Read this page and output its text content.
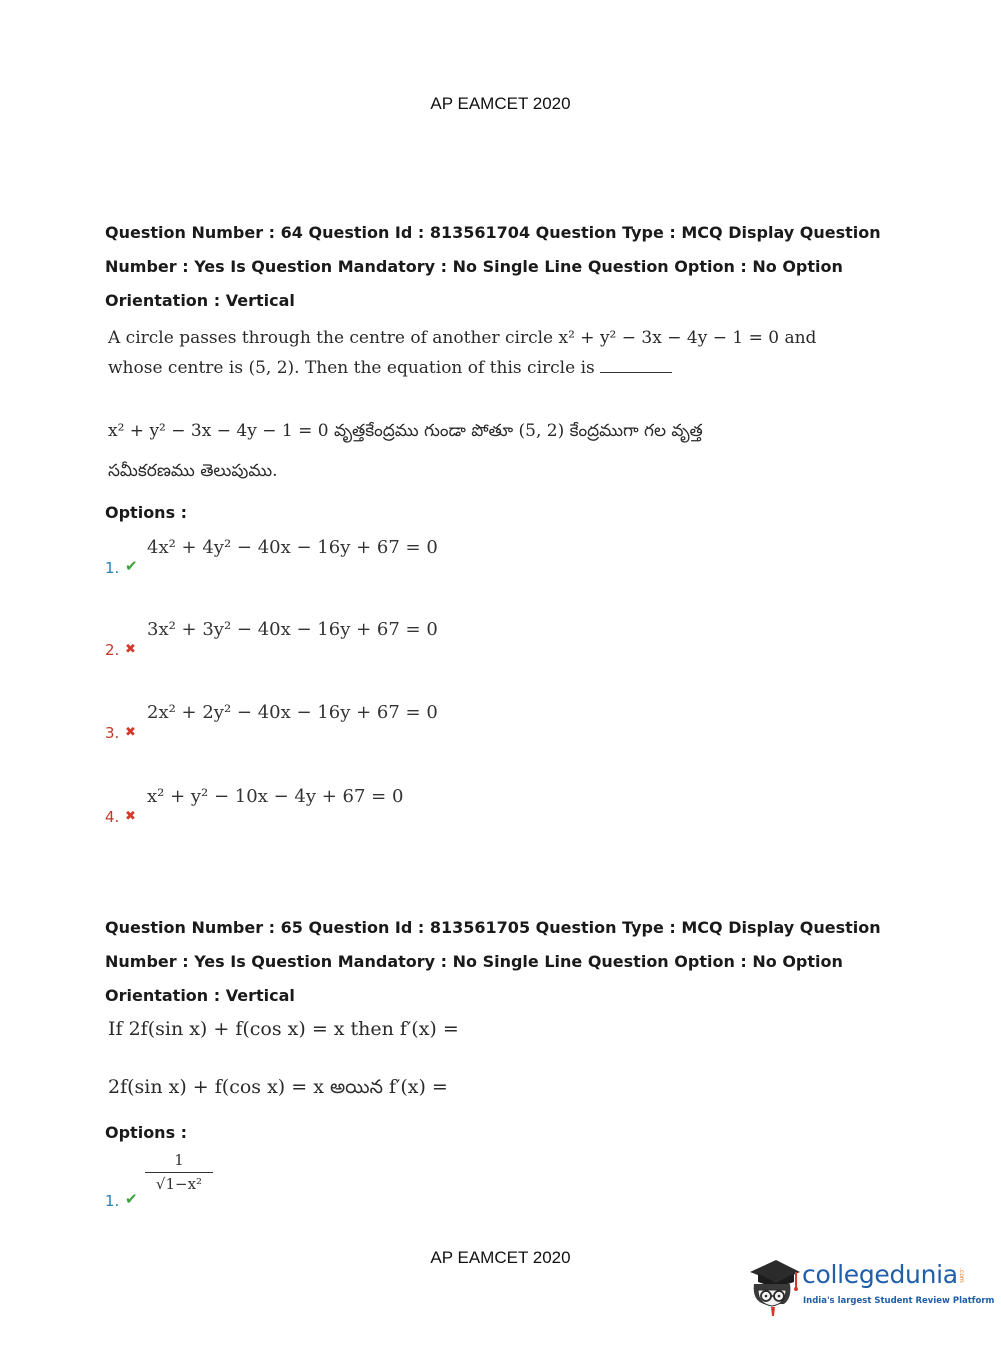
AP EAMCET 2020
Question Number : 64 Question Id : 813561704 Question Type : MCQ Display Question
Number : Yes Is Question Mandatory : No Single Line Question Option : No Option
Orientation : Vertical
A circle passes through the centre of another circle x² + y² − 3x − 4y − 1 = 0 and
whose centre is (5, 2). Then the equation of this circle is
x² + y² − 3x − 4y − 1 = 0 వృత్తకేంద్రము గుండా పోతూ (5, 2) కేంద్రముగా గల వృత్త
సమీకరణము తెలుపుము.
Options :
1. ✔
4x² + 4y² − 40x − 16y + 67 = 0
2. ✖
3x² + 3y² − 40x − 16y + 67 = 0
3. ✖
2x² + 2y² − 40x − 16y + 67 = 0
4. ✖
x² + y² − 10x − 4y + 67 = 0
Question Number : 65 Question Id : 813561705 Question Type : MCQ Display Question
Number : Yes Is Question Mandatory : No Single Line Question Option : No Option
Orientation : Vertical
If 2f(sin x) + f(cos x) = x then f′(x) =
2f(sin x) + f(cos x) = x అయిన f′(x) =
Options :
1. ✔
1
√1−x²
AP EAMCET 2020
collegedunia .com
India's largest Student Review Platform
